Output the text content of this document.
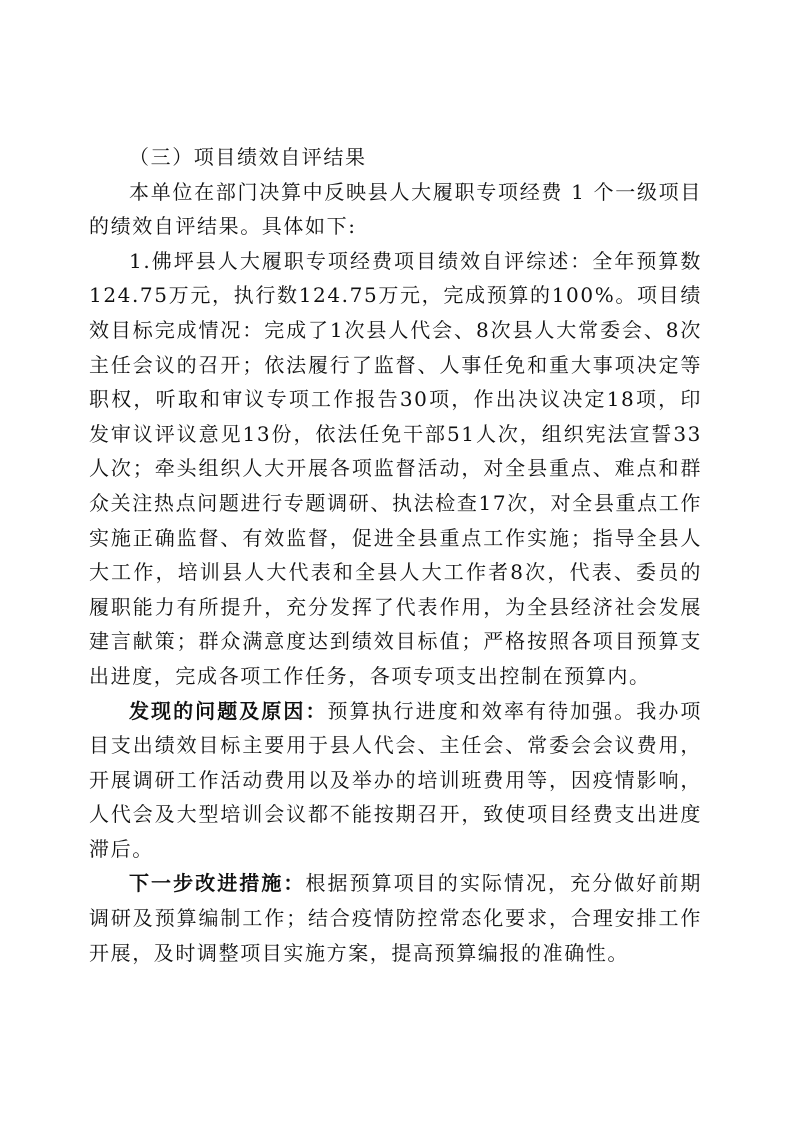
（三）项目绩效自评结果

本单位在部门决算中反映县人大履职专项经费 1 个一级项目的绩效自评结果。具体如下:

1.佛坪县人大履职专项经费项目绩效自评综述：全年预算数124.75万元，执行数124.75万元，完成预算的100%。项目绩效目标完成情况：完成了1次县人代会、8次县人大常委会、8次主任会议的召开；依法履行了监督、人事任免和重大事项决定等职权，听取和审议专项工作报告30项，作出决议决定18项，印发审议评议意见13份，依法任免干部51人次，组织宪法宣誓33人次；牵头组织人大开展各项监督活动，对全县重点、难点和群众关注热点问题进行专题调研、执法检查17次，对全县重点工作实施正确监督、有效监督，促进全县重点工作实施；指导全县人大工作，培训县人大代表和全县人大工作者8次，代表、委员的履职能力有所提升，充分发挥了代表作用，为全县经济社会发展建言献策；群众满意度达到绩效目标值；严格按照各项目预算支出进度，完成各项工作任务，各项专项支出控制在预算内。

发现的问题及原因：预算执行进度和效率有待加强。我办项目支出绩效目标主要用于县人代会、主任会、常委会会议费用，开展调研工作活动费用以及举办的培训班费用等，因疫情影响，人代会及大型培训会议都不能按期召开，致使项目经费支出进度滞后。

下一步改进措施：根据预算项目的实际情况，充分做好前期调研及预算编制工作；结合疫情防控常态化要求，合理安排工作开展，及时调整项目实施方案，提高预算编报的准确性。
